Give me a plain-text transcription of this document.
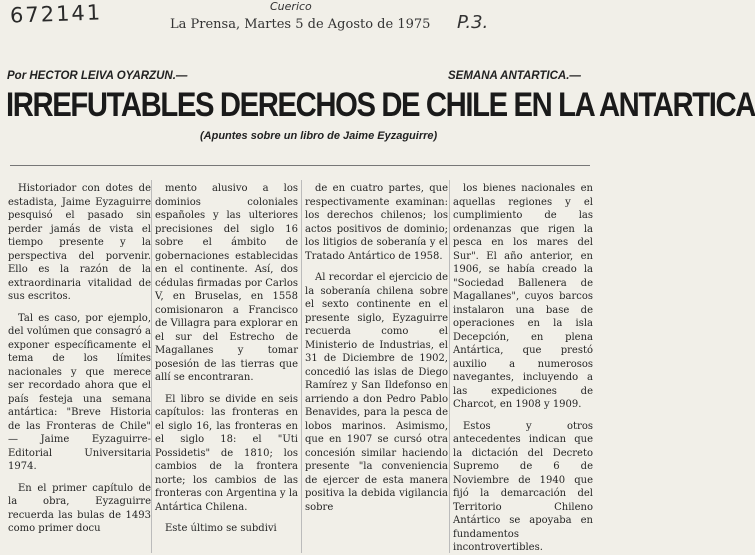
672141	Cuerico
P.3.
La Prensa, Martes 5 de Agosto de 1975
Por HECTOR LEIVA OYARZUN.—	SEMANA ANTARTICA.—
IRREFUTABLES DERECHOS DE CHILE EN LA ANTARTICA
(Apuntes sobre un libro de Jaime Eyzaguirre)

Historiador con dotes de estadista, Jaime Eyzaguirre pesquisó el pasado sin perder jamás de vista el tiempo presente y la perspectiva del porvenir. Ello es la razón de la extraordinaria vitalidad de sus escritos.

Tal es caso, por ejemplo, del volúmen que consagró a exponer específicamente el tema de los límites nacionales y que merece ser recordado ahora que el país festeja una semana antártica: "Breve Historia de las Fronteras de Chile" — Jaime Eyzaguirre-Editorial Universitaria 1974.

En el primer capítulo de la obra, Eyzaguirre recuerda las bulas de 1493 como primer docu

mento alusivo a los dominios coloniales españoles y las ulteriores precisiones del siglo 16 sobre el ámbito de gobernaciones establecidas en el continente. Así, dos cédulas firmadas por Carlos V, en Bruselas, en 1558 comisionaron a Francisco de Villagra para explorar en el sur del Estrecho de Magallanes y tomar posesión de las tierras que allí se encontraran.

El libro se divide en seis capítulos: las fronteras en el siglo 16, las fronteras en el siglo 18: el "Uti Possidetis" de 1810; los cambios de la frontera norte; los cambios de las fronteras con Argentina y la Antártica Chilena.

Este último se subdivi

de en cuatro partes, que respectivamente examinan: los derechos chilenos; los actos positivos de dominio; los litigios de soberanía y el Tratado Antártico de 1958.

Al recordar el ejercicio de la soberanía chilena sobre el sexto continente en el presente siglo, Eyzaguirre recuerda como el Ministerio de Industrias, el 31 de Diciembre de 1902, concedió las islas de Diego Ramírez y San Ildefonso en arriendo a don Pedro Pablo Benavides, para la pesca de lobos marinos. Asimismo, que en 1907 se cursó otra concesión similar haciendo presente "la conveniencia de ejercer de esta manera positiva la debida vigilancia sobre

los bienes nacionales en aquellas regiones y el cumplimiento de las ordenanzas que rigen la pesca en los mares del Sur". El año anterior, en 1906, se había creado la "Sociedad Ballenera de Magallanes", cuyos barcos instalaron una base de operaciones en la isla Decepción, en plena Antártica, que prestó auxilio a numerosos navegantes, incluyendo a las expediciones de Charcot, en 1908 y 1909.

Estos y otros antecedentes indican que la dictación del Decreto Supremo de 6 de Noviembre de 1940 que fijó la demarcación del Territorio Chileno Antártico se apoyaba en fundamentos incontrovertibles.
